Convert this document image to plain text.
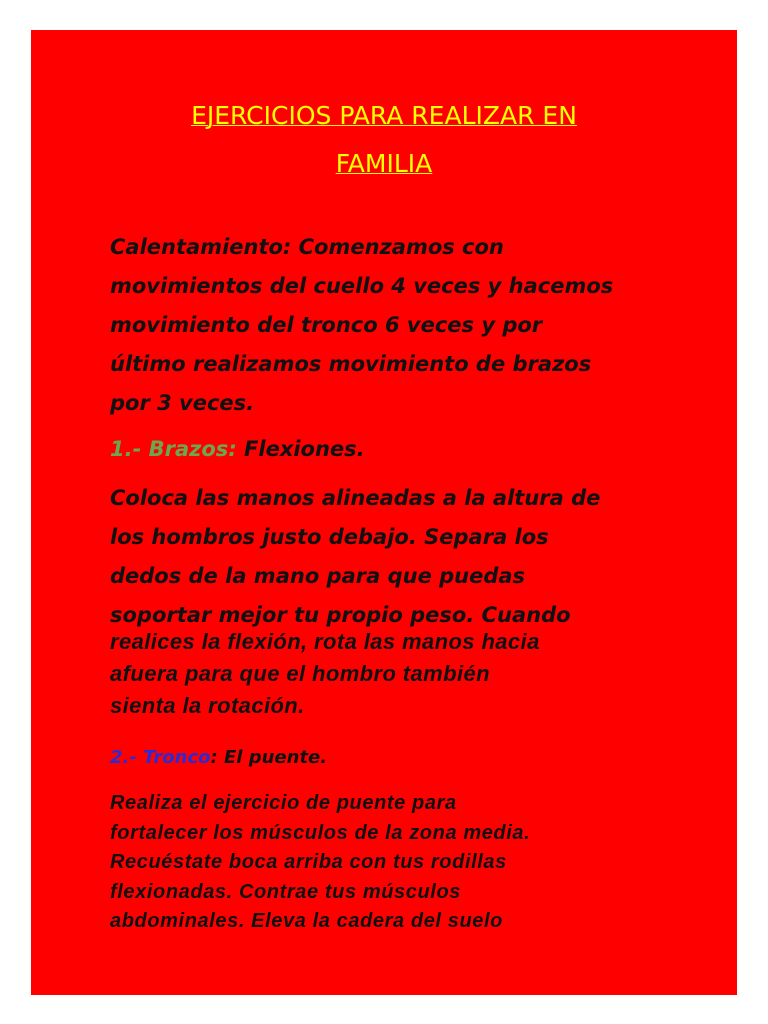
EJERCICIOS PARA REALIZAR EN
FAMILIA
Calentamiento: Comenzamos con
movimientos del cuello 4 veces y hacemos
movimiento del tronco 6 veces y por
último realizamos movimiento de brazos
por 3 veces.
1.- Brazos: Flexiones.
Coloca las manos alineadas a la altura de
los hombros justo debajo. Separa los
dedos de la mano para que puedas
soportar mejor tu propio peso. Cuando
realices la flexión, rota las manos hacia
afuera para que el hombro también
sienta la rotación.
2.- Tronco: El puente.
Realiza el ejercicio de puente para
fortalecer los músculos de la zona media.
Recuéstate boca arriba con tus rodillas
flexionadas. Contrae tus músculos
abdominales. Eleva la cadera del suelo
